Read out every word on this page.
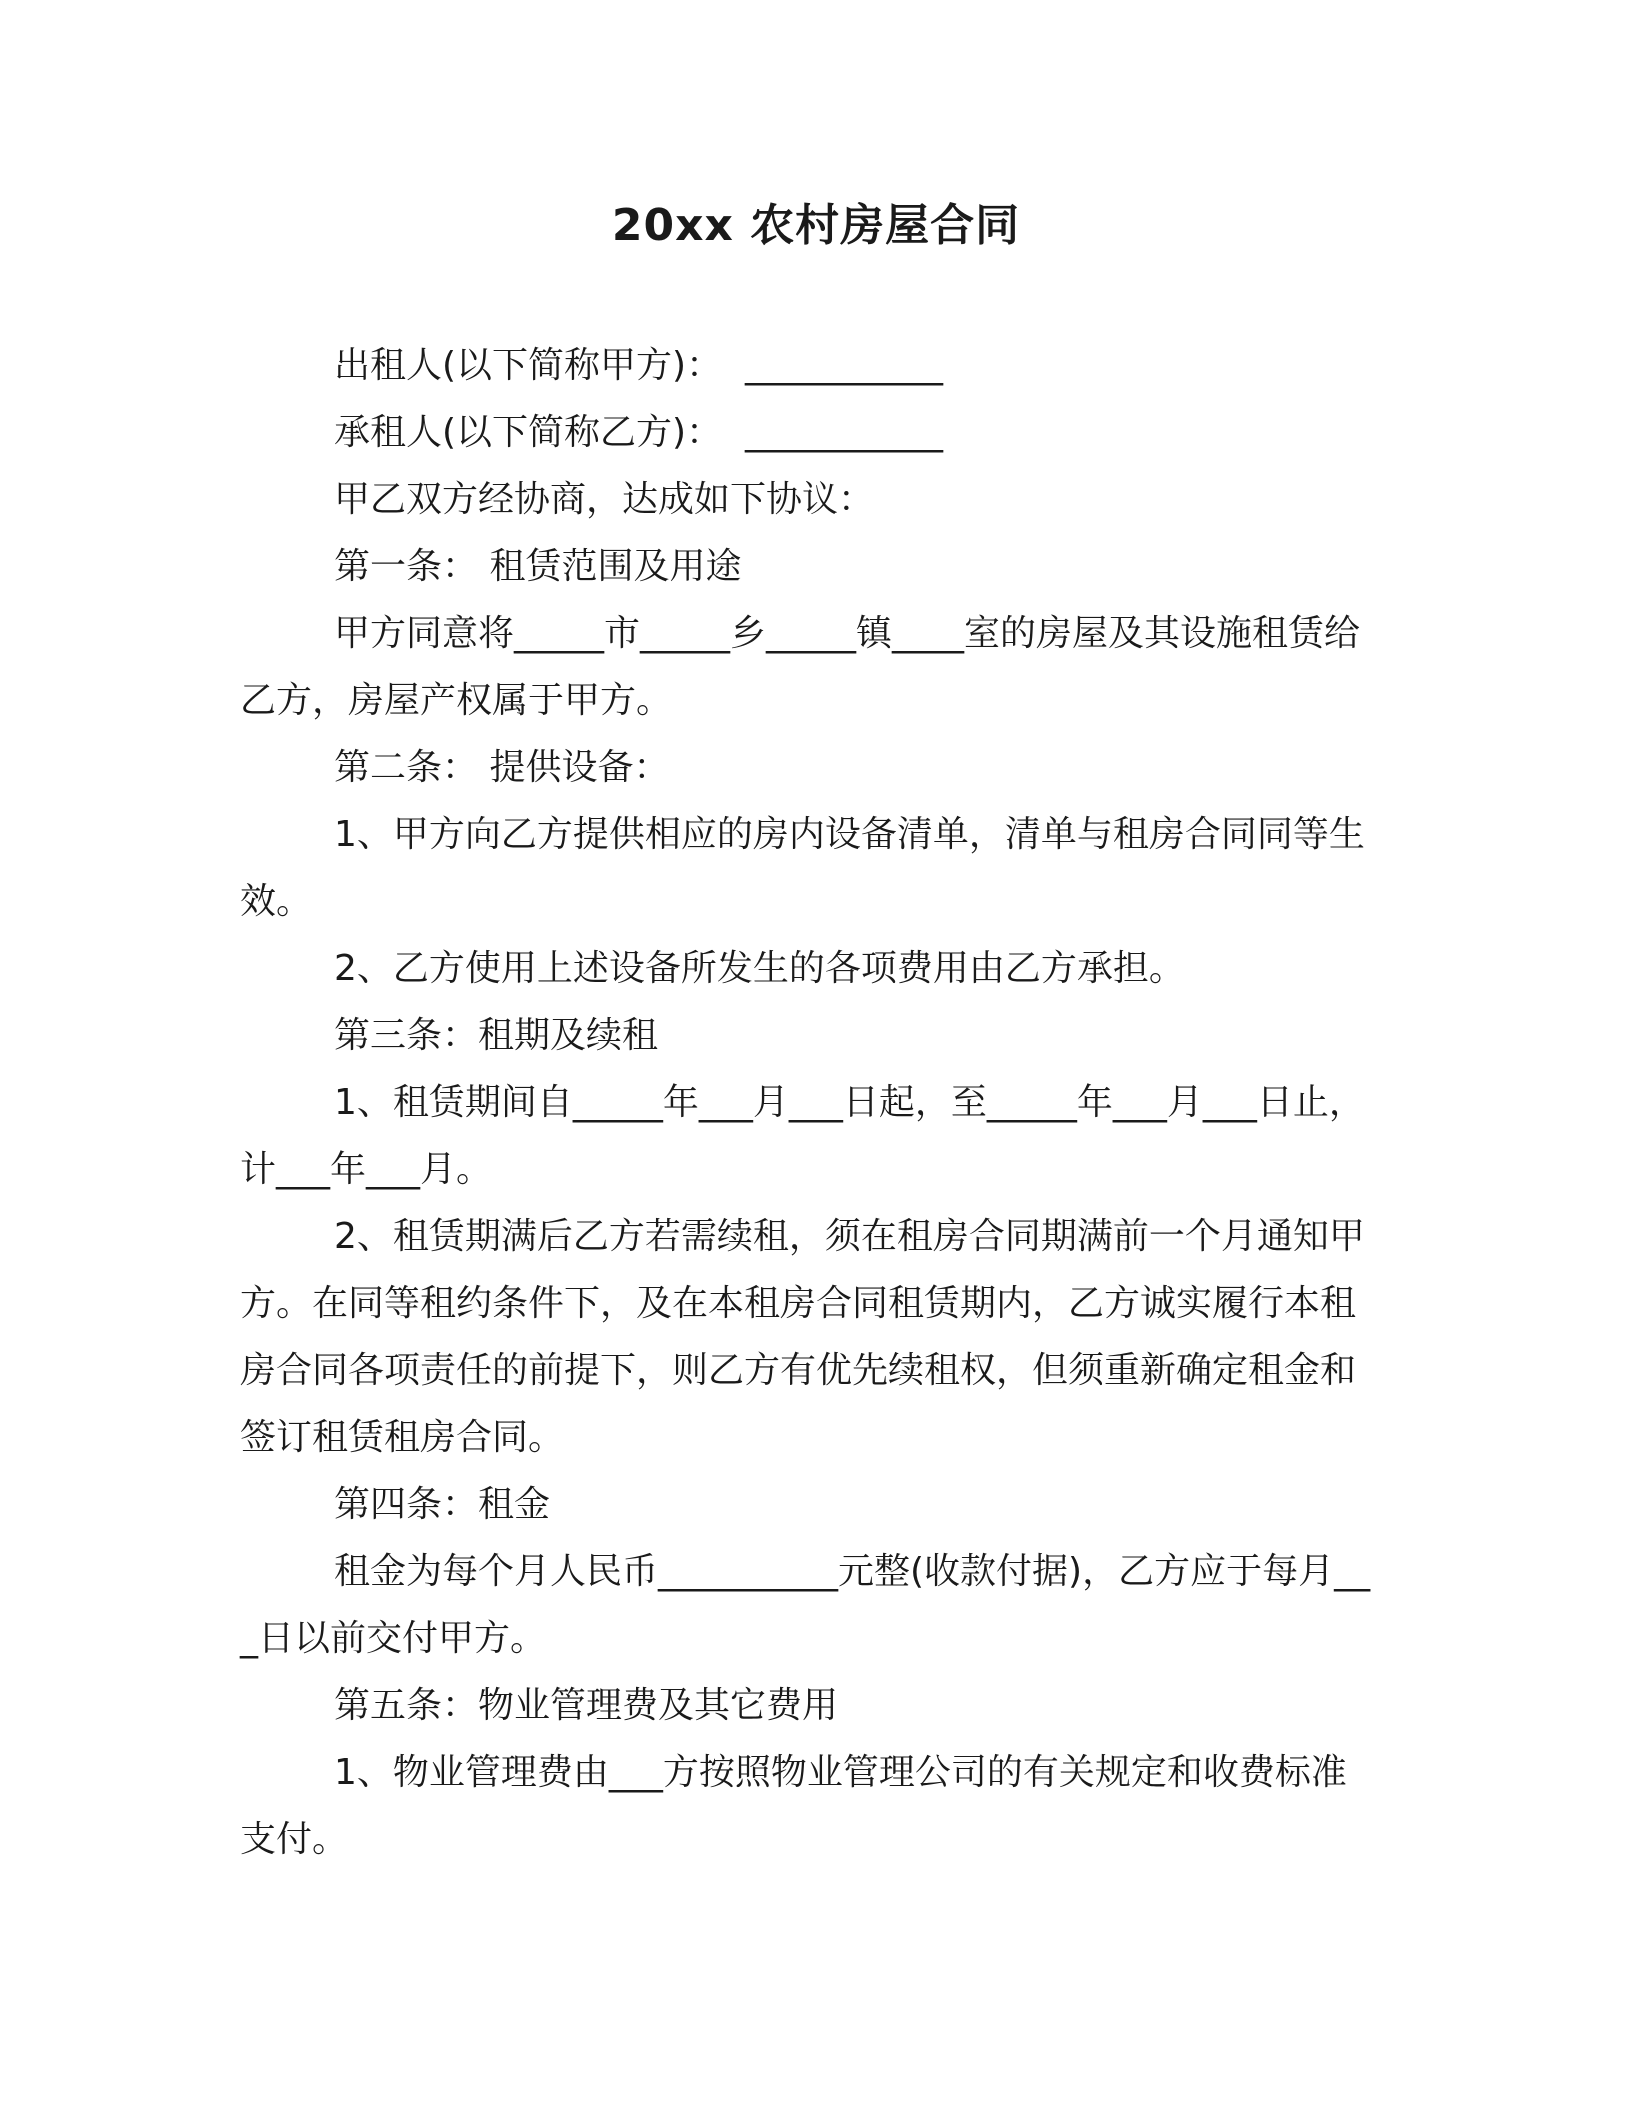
20xx 农村房屋合同

出租人(以下简称甲方)：  ___________

承租人(以下简称乙方)：  ___________

甲乙双方经协商，达成如下协议：

第一条： 租赁范围及用途

甲方同意将_____市_____乡_____镇____室的房屋及其设施租赁给乙方，房屋产权属于甲方。

第二条： 提供设备：

1、甲方向乙方提供相应的房内设备清单，清单与租房合同同等生效。

2、乙方使用上述设备所发生的各项费用由乙方承担。

第三条：租期及续租

1、租赁期间自_____年___月___日起，至_____年___月___日止，计___年___月。

2、租赁期满后乙方若需续租，须在租房合同期满前一个月通知甲方。在同等租约条件下，及在本租房合同租赁期内，乙方诚实履行本租房合同各项责任的前提下，则乙方有优先续租权，但须重新确定租金和签订租赁租房合同。

第四条：租金

租金为每个月人民币__________元整(收款付据)，乙方应于每月___日以前交付甲方。

第五条：物业管理费及其它费用

1、物业管理费由___方按照物业管理公司的有关规定和收费标准支付。
